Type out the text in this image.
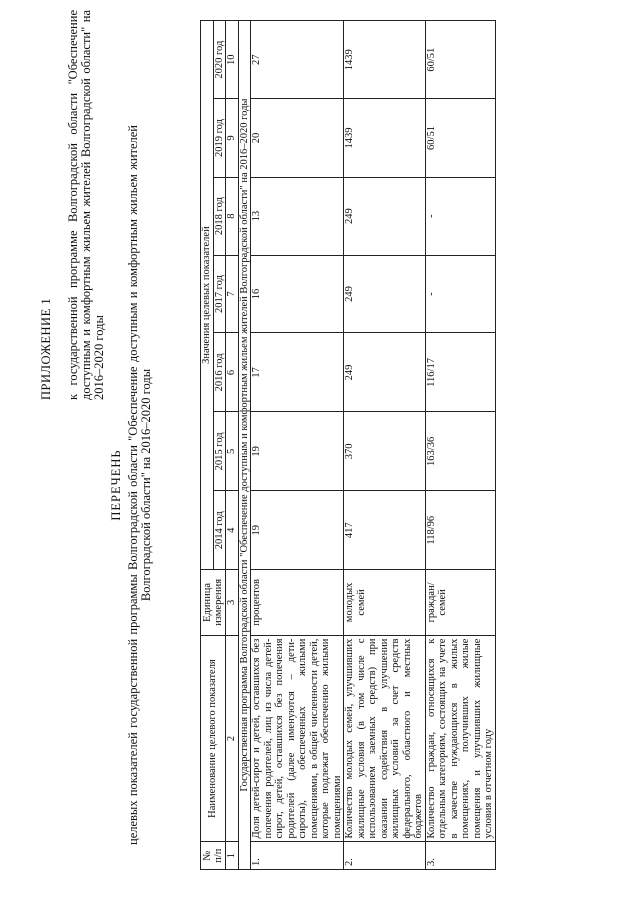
ПРИЛОЖЕНИЕ 1 к государственной программе Волгоградской области "Обеспечение доступным и комфортным жильем жителей Волгоградской области" на 2016–2020 годы
ПЕРЕЧЕНЬ целевых показателей государственной программы Волгоградской области "Обеспечение доступным и комфортным жильем жителей Волгоградской области" на 2016–2020 годы
№ п/п	Наименование целевого показателя	Единица измерения	Значения целевых показателей						
			2014 год	2015 год	2016 год	2017 год	2018 год	2019 год	2020 год
1	2	3	4	5	6	7	8	9	10
Государственная программа Волгоградской области "Обеспечение доступным и комфортным жильем жителей Волгоградской области" на 2016–2020 годы									
1.	Доля детей-сирот и детей, оставшихся без попечения родителей, лиц из числа детей-сирот, детей, оставшихся без попечения родителей (далее именуются – дети-сироты), обеспеченных жилыми помещениями, в общей численности детей, которые подлежат обеспечению жилыми помещениями	процентов	19	19	17	16	13	20	27
2.	Количество молодых семей, улучшивших жилищные условия (в том числе с использованием заемных средств) при оказании содействия в улучшении жилищных условий за счет средств федерального, областного и местных бюджетов	молодых семей	417	370	249	249	249	1439	1439
3.	Количество граждан, относящихся к отдельным категориям, состоящих на учете в качестве нуждающихся в жилых помещениях, получивших жилые помещения и улучшивших жилищные условия в отчетном году	граждан/семей	118/96	163/36	116/17	-	-	60/51	60/51
